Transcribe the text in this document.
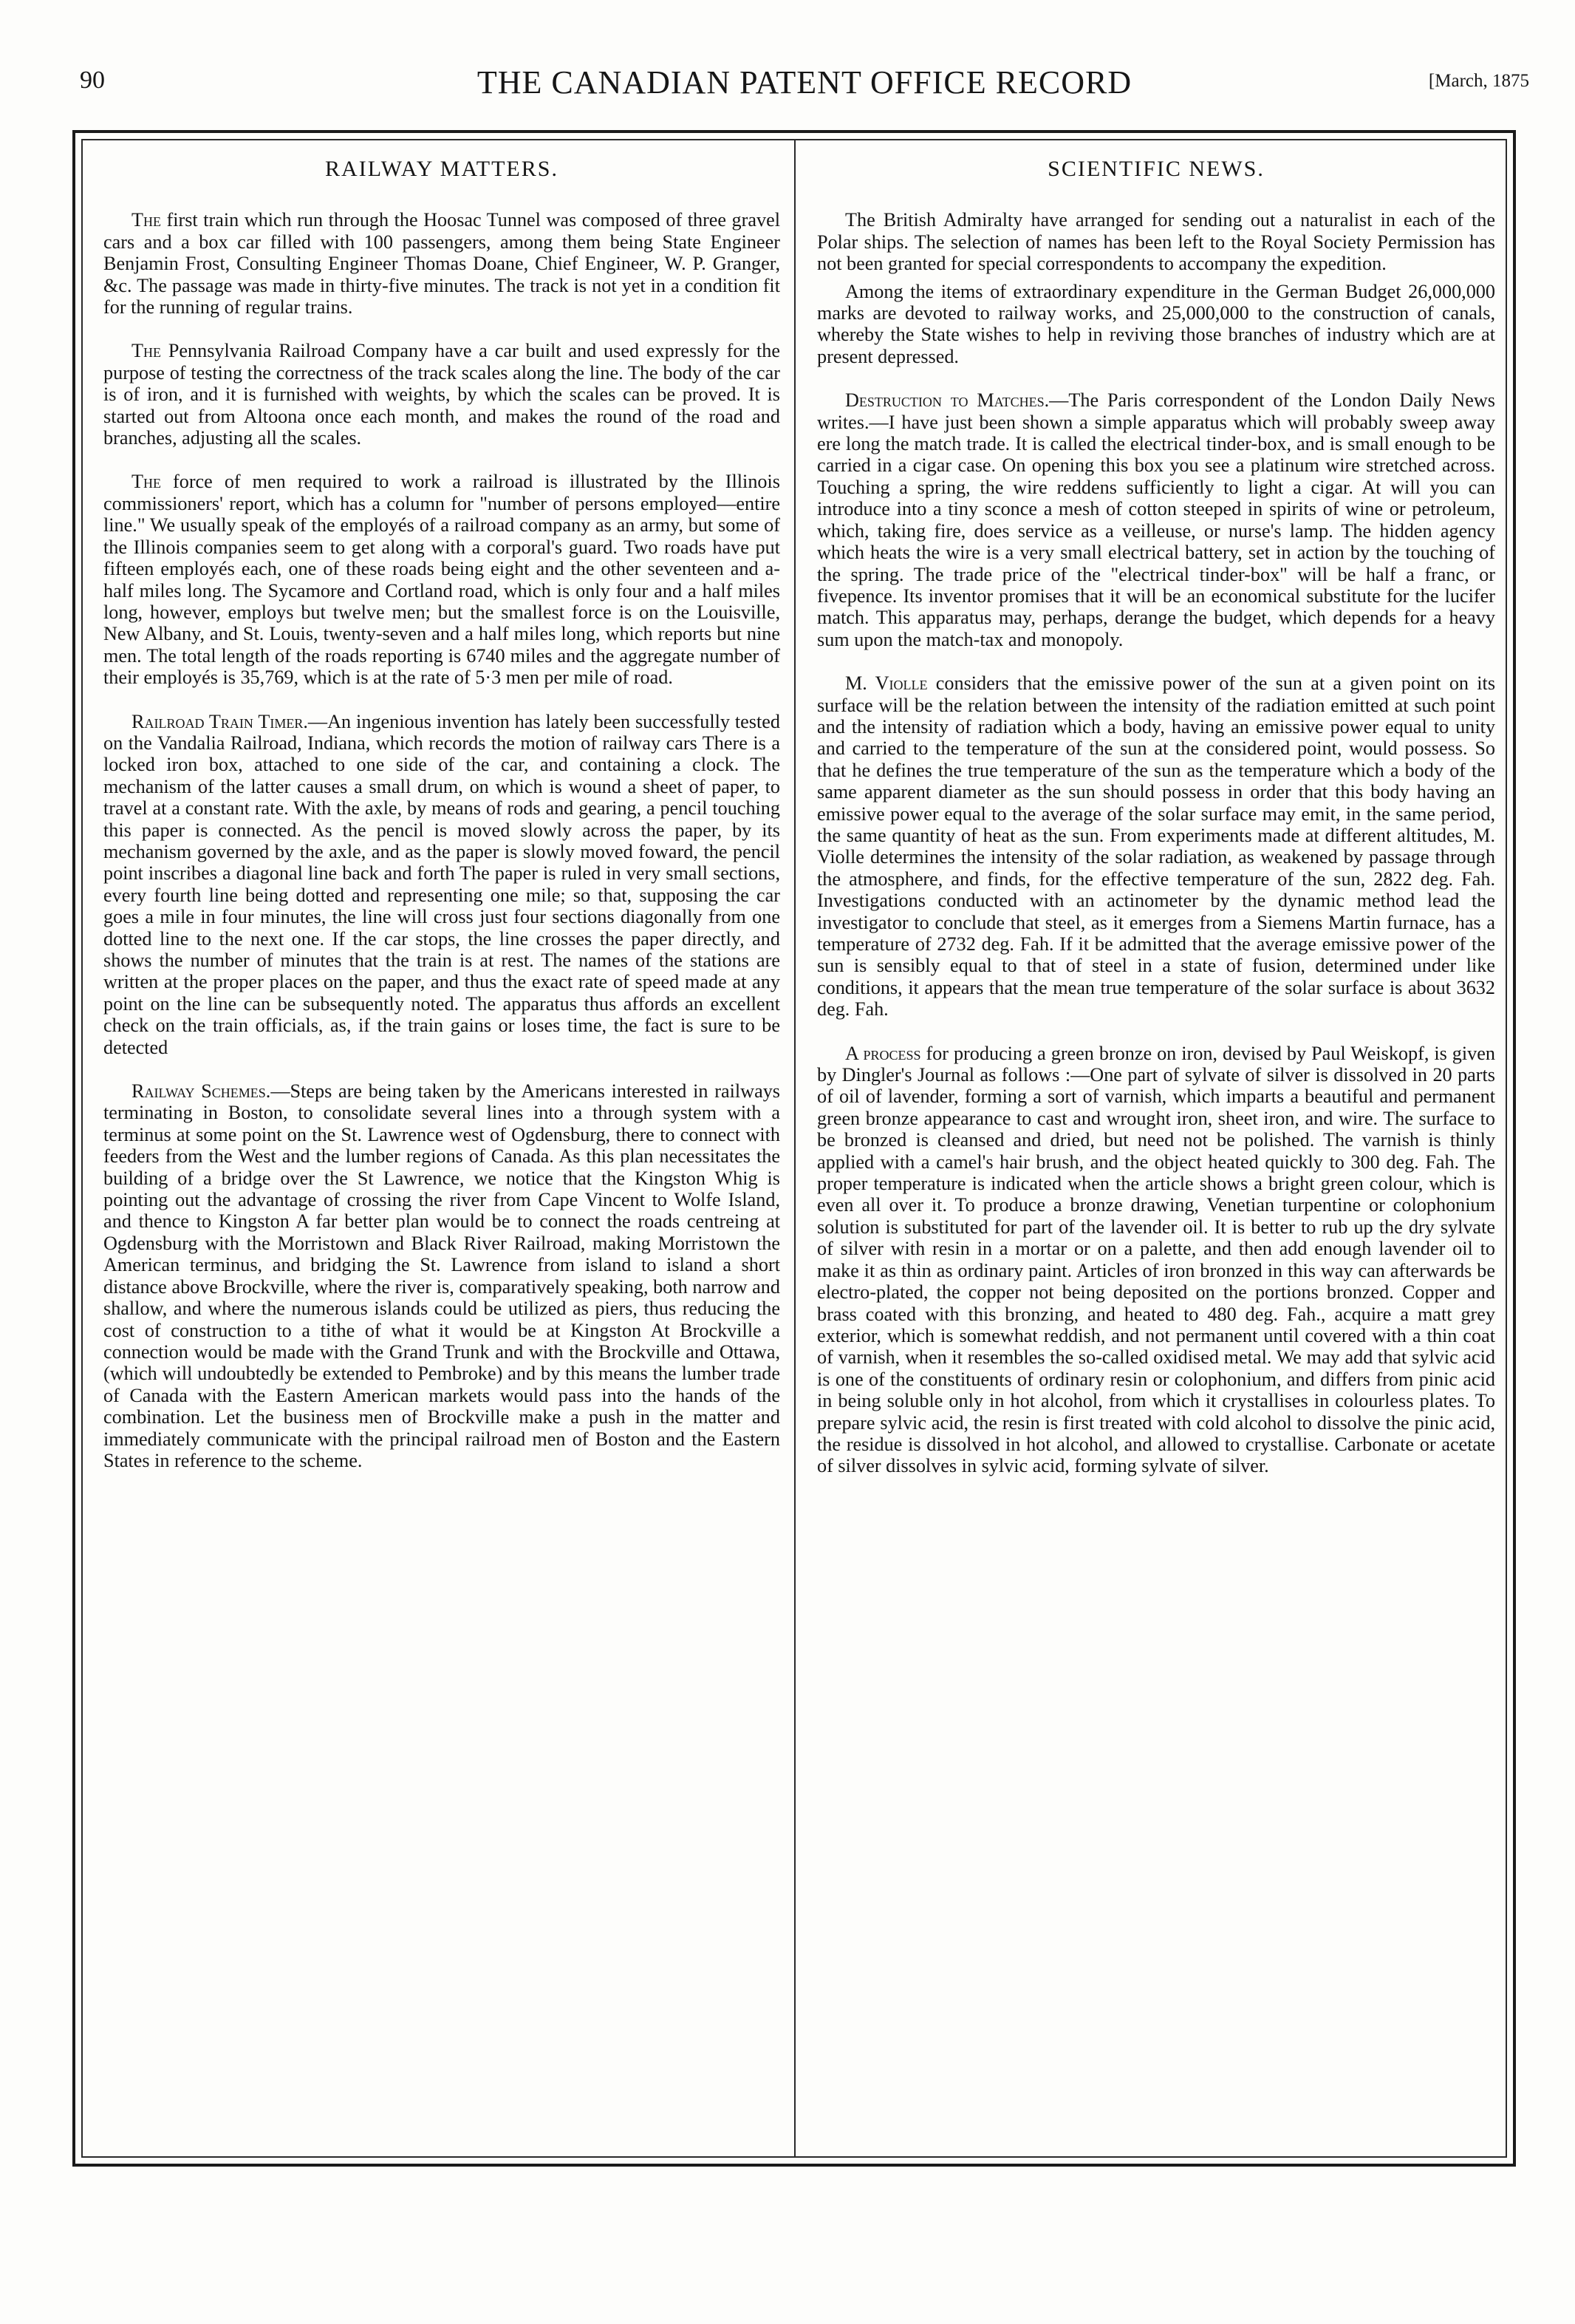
90	THE CANADIAN PATENT OFFICE RECORD	[March, 1875
RAILWAY MATTERS.

The first train which run through the Hoosac Tunnel was composed of three gravel cars and a box car filled with 100 passengers, among them being State Engineer Benjamin Frost, Consulting Engineer Thomas Doane, Chief Engineer, W. P. Granger, &c. The passage was made in thirty-five minutes. The track is not yet in a condition fit for the running of regular trains.

The Pennsylvania Railroad Company have a car built and used expressly for the purpose of testing the correctness of the track scales along the line. The body of the car is of iron, and it is furnished with weights, by which the scales can be proved. It is started out from Altoona once each month, and makes the round of the road and branches, adjusting all the scales.

The force of men required to work a railroad is illustrated by the Illinois commissioners' report, which has a column for "number of persons employed—entire line." We usually speak of the employés of a railroad company as an army, but some of the Illinois companies seem to get along with a corporal's guard. Two roads have put fifteen employés each, one of these roads being eight and the other seventeen and a-half miles long. The Sycamore and Cortland road, which is only four and a half miles long, however, employs but twelve men; but the smallest force is on the Louisville, New Albany, and St. Louis, twenty-seven and a half miles long, which reports but nine men. The total length of the roads reporting is 6740 miles and the aggregate number of their employés is 35,769, which is at the rate of 5·3 men per mile of road.

Railroad Train Timer.—An ingenious invention has lately been successfully tested on the Vandalia Railroad, Indiana, which records the motion of railway cars There is a locked iron box, attached to one side of the car, and containing a clock. The mechanism of the latter causes a small drum, on which is wound a sheet of paper, to travel at a constant rate. With the axle, by means of rods and gearing, a pencil touching this paper is connected. As the pencil is moved slowly across the paper, by its mechanism governed by the axle, and as the paper is slowly moved foward, the pencil point inscribes a diagonal line back and forth The paper is ruled in very small sections, every fourth line being dotted and representing one mile; so that, supposing the car goes a mile in four minutes, the line will cross just four sections diagonally from one dotted line to the next one. If the car stops, the line crosses the paper directly, and shows the number of minutes that the train is at rest. The names of the stations are written at the proper places on the paper, and thus the exact rate of speed made at any point on the line can be subsequently noted. The apparatus thus affords an excellent check on the train officials, as, if the train gains or loses time, the fact is sure to be detected

Railway Schemes.—Steps are being taken by the Americans interested in railways terminating in Boston, to consolidate several lines into a through system with a terminus at some point on the St. Lawrence west of Ogdensburg, there to connect with feeders from the West and the lumber regions of Canada. As this plan necessitates the building of a bridge over the St Lawrence, we notice that the Kingston Whig is pointing out the advantage of crossing the river from Cape Vincent to Wolfe Island, and thence to Kingston A far better plan would be to connect the roads centreing at Ogdensburg with the Morristown and Black River Railroad, making Morristown the American terminus, and bridging the St. Lawrence from island to island a short distance above Brockville, where the river is, comparatively speaking, both narrow and shallow, and where the numerous islands could be utilized as piers, thus reducing the cost of construction to a tithe of what it would be at Kingston At Brockville a connection would be made with the Grand Trunk and with the Brockville and Ottawa, (which will undoubtedly be extended to Pembroke) and by this means the lumber trade of Canada with the Eastern American markets would pass into the hands of the combination. Let the business men of Brockville make a push in the matter and immediately communicate with the principal railroad men of Boston and the Eastern States in reference to the scheme.

SCIENTIFIC NEWS.

The British Admiralty have arranged for sending out a naturalist in each of the Polar ships. The selection of names has been left to the Royal Society Permission has not been granted for special correspondents to accompany the expedition.

Among the items of extraordinary expenditure in the German Budget 26,000,000 marks are devoted to railway works, and 25,000,000 to the construction of canals, whereby the State wishes to help in reviving those branches of industry which are at present depressed.

Destruction to Matches.—The Paris correspondent of the London Daily News writes.—I have just been shown a simple apparatus which will probably sweep away ere long the match trade. It is called the electrical tinder-box, and is small enough to be carried in a cigar case. On opening this box you see a platinum wire stretched across. Touching a spring, the wire reddens sufficiently to light a cigar. At will you can introduce into a tiny sconce a mesh of cotton steeped in spirits of wine or petroleum, which, taking fire, does service as a veilleuse, or nurse's lamp. The hidden agency which heats the wire is a very small electrical battery, set in action by the touching of the spring. The trade price of the "electrical tinder-box" will be half a franc, or fivepence. Its inventor promises that it will be an economical substitute for the lucifer match. This apparatus may, perhaps, derange the budget, which depends for a heavy sum upon the match-tax and monopoly.

M. Violle considers that the emissive power of the sun at a given point on its surface will be the relation between the intensity of the radiation emitted at such point and the intensity of radiation which a body, having an emissive power equal to unity and carried to the temperature of the sun at the considered point, would possess. So that he defines the true temperature of the sun as the temperature which a body of the same apparent diameter as the sun should possess in order that this body having an emissive power equal to the average of the solar surface may emit, in the same period, the same quantity of heat as the sun. From experiments made at different altitudes, M. Violle determines the intensity of the solar radiation, as weakened by passage through the atmosphere, and finds, for the effective temperature of the sun, 2822 deg. Fah. Investigations conducted with an actinometer by the dynamic method lead the investigator to conclude that steel, as it emerges from a Siemens Martin furnace, has a temperature of 2732 deg. Fah. If it be admitted that the average emissive power of the sun is sensibly equal to that of steel in a state of fusion, determined under like conditions, it appears that the mean true temperature of the solar surface is about 3632 deg. Fah.

A process for producing a green bronze on iron, devised by Paul Weiskopf, is given by Dingler's Journal as follows :—One part of sylvate of silver is dissolved in 20 parts of oil of lavender, forming a sort of varnish, which imparts a beautiful and permanent green bronze appearance to cast and wrought iron, sheet iron, and wire. The surface to be bronzed is cleansed and dried, but need not be polished. The varnish is thinly applied with a camel's hair brush, and the object heated quickly to 300 deg. Fah. The proper temperature is indicated when the article shows a bright green colour, which is even all over it. To produce a bronze drawing, Venetian turpentine or colophonium solution is substituted for part of the lavender oil. It is better to rub up the dry sylvate of silver with resin in a mortar or on a palette, and then add enough lavender oil to make it as thin as ordinary paint. Articles of iron bronzed in this way can afterwards be electro-plated, the copper not being deposited on the portions bronzed. Copper and brass coated with this bronzing, and heated to 480 deg. Fah., acquire a matt grey exterior, which is somewhat reddish, and not permanent until covered with a thin coat of varnish, when it resembles the so-called oxidised metal. We may add that sylvic acid is one of the constituents of ordinary resin or colophonium, and differs from pinic acid in being soluble only in hot alcohol, from which it crystallises in colourless plates. To prepare sylvic acid, the resin is first treated with cold alcohol to dissolve the pinic acid, the residue is dissolved in hot alcohol, and allowed to crystallise. Carbonate or acetate of silver dissolves in sylvic acid, forming sylvate of silver.
